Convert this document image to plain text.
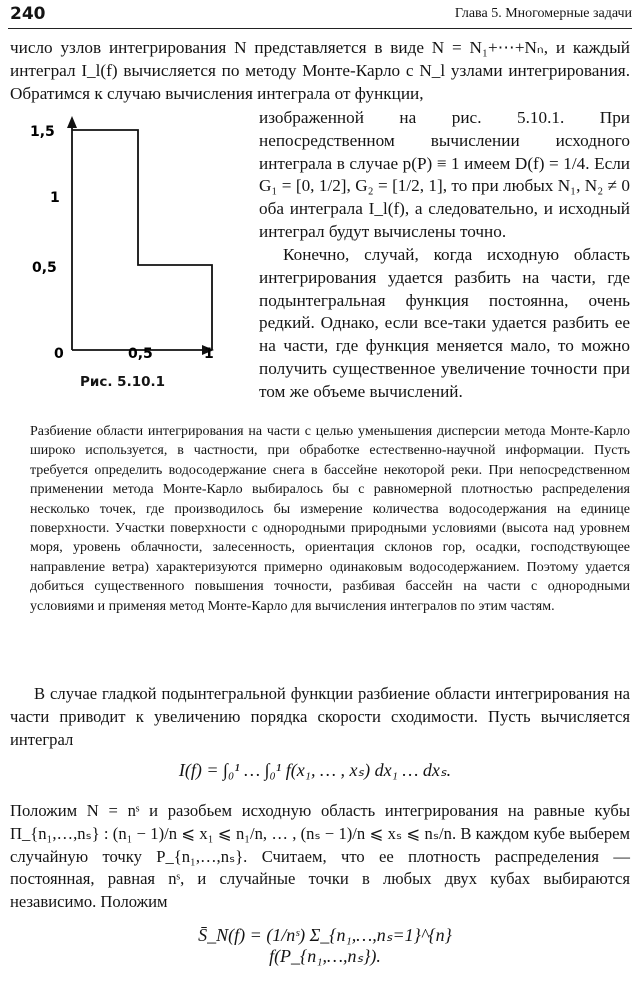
240	Глава 5. Многомерные задачи

число узлов интегрирования N представляется в виде N = N₁+⋯+Nₙ, и каждый интеграл I_l(f) вычисляется по методу Монте-Карло с N_l узлами интегрирования. Обратимся к случаю вычисления интеграла от функции,

1,5
1
0,5
0	0,5	1
Рис. 5.10.1

изображенной на рис. 5.10.1. При непосредственном вычислении исходного интеграла в случае p(P) ≡ 1 имеем D(f) = 1/4. Если G₁ = [0, 1/2], G₂ = [1/2, 1], то при любых N₁, N₂ ≠ 0 оба интеграла I_l(f), а следовательно, и исходный интеграл будут вычислены точно.

Конечно, случай, когда исходную область интегрирования удается разбить на части, где подынтегральная функция постоянна, очень редкий. Однако, если все-таки удается разбить ее на части, где функция меняется мало, то можно получить существенное увеличение точности при том же объеме вычислений.

Разбиение области интегрирования на части с целью уменьшения дисперсии метода Монте-Карло широко используется, в частности, при обработке естественно-научной информации. Пусть требуется определить водосодержание снега в бассейне некоторой реки. При непосредственном применении метода Монте-Карло выбиралось бы с равномерной плотностью распределения несколько точек, где производилось бы измерение количества водосодержания на единице поверхности. Участки поверхности с однородными природными условиями (высота над уровнем моря, уровень облачности, залесенность, ориентация склонов гор, осадки, господствующее направление ветра) характеризуются примерно одинаковым водосодержанием. Поэтому удается добиться существенного повышения точности, разбивая бассейн на части с однородными условиями и применяя метод Монте-Карло для вычисления интегралов по этим частям.

В случае гладкой подынтегральной функции разбиение области интегрирования на части приводит к увеличению порядка скорости сходимости. Пусть вычисляется интеграл

I(f) = ∫₀¹ … ∫₀¹ f(x₁, … , xₛ) dx₁ … dxₛ.

Положим N = nˢ и разобьем исходную область интегрирования на равные кубы Π_{n₁,…,nₛ} : (n₁ − 1)/n ⩽ x₁ ⩽ n₁/n, … , (nₛ − 1)/n ⩽ xₛ ⩽ nₛ/n. В каждом кубе выберем случайную точку P_{n₁,…,nₛ}. Считаем, что ее плотность распределения — постоянная, равная nˢ, и случайные точки в любых двух кубах выбираются независимо. Положим

S̄_N(f) = (1/nˢ) Σ_{n₁,…,nₛ=1}^{n} f(P_{n₁,…,nₛ}).
